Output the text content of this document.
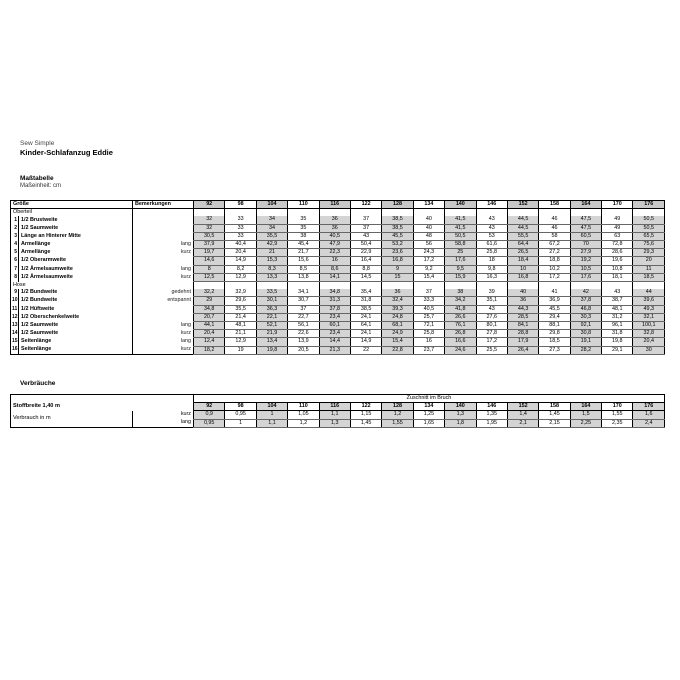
Sew Simple
Kinder-Schlafanzug Eddie
Maßtabelle
Maßeinheit: cm
Größe		Bemerkungen	92	98	104	110	116	122	128	134	140	146	152	158	164	170	176
Oberteil																	
1	1/2 Brustweite		32	33	34	35	36	37	38,5	40	41,5	43	44,5	46	47,5	49	50,5
2	1/2 Saumweite		32	33	34	35	36	37	38,5	40	41,5	43	44,5	46	47,5	49	50,5
3	Länge an Hinterer Mitte		30,5	33	35,5	38	40,5	43	45,5	48	50,5	53	55,5	58	60,5	63	65,5
4	Ärmellänge	lang	37,9	40,4	42,9	45,4	47,9	50,4	53,2	56	58,8	61,6	64,4	67,2	70	72,8	75,6
5	Ärmellänge	kurz	19,7	20,4	21	21,7	22,3	22,9	23,6	24,3	25	25,8	26,5	27,2	27,9	28,6	29,3
6	1/2 Oberarmweite		14,6	14,9	15,3	15,6	16	16,4	16,8	17,2	17,6	18	18,4	18,8	19,2	19,6	20
7	1/2 Ärmelsaumweite	lang	8	8,2	8,3	8,5	8,6	8,8	9	9,2	9,5	9,8	10	10,2	10,5	10,8	11
8	1/2 Ärmelsaumweite	kurz	12,5	12,9	13,3	13,8	14,1	14,5	15	15,4	15,9	16,3	16,8	17,2	17,6	18,1	18,5
Hose																	
9	1/2 Bundweite	gedehnt	32,2	32,9	33,5	34,1	34,8	35,4	36	37	38	39	40	41	42	43	44
10	1/2 Bundweite	entspannt	29	29,6	30,1	30,7	31,3	31,8	32,4	33,3	34,2	35,1	36	36,9	37,8	38,7	39,6
11	1/2 Hüftweite		34,8	35,5	36,3	37	37,8	38,5	39,3	40,5	41,8	43	44,3	45,5	46,8	48,1	49,3
12	1/2 Oberschenkelweite		20,7	21,4	22,1	22,7	23,4	24,1	24,8	25,7	26,6	27,6	28,5	29,4	30,3	31,2	32,1
13	1/2 Saumweite	lang	44,1	48,1	52,1	56,1	60,1	64,1	68,1	72,1	76,1	80,1	84,1	88,1	92,1	96,1	100,1
14	1/2 Saumweite	kurz	20,4	21,1	21,9	22,6	23,4	24,1	24,9	25,8	26,8	27,8	28,8	29,8	30,8	31,8	32,8
15	Seitenlänge	lang	12,4	12,9	13,4	13,9	14,4	14,9	15,4	16	16,6	17,2	17,9	18,5	19,1	19,8	20,4
16	Seitenlänge	kurz	18,2	19	19,8	20,5	21,3	22	22,8	23,7	24,6	25,5	26,4	27,3	28,2	29,1	30
Verbräuche
		Zuschnitt im Bruch														
Stoffbreite 1,40 m		92	98	104	110	116	122	128	134	140	146	152	158	164	170	176
Verbrauch in m	kurz	0,9	0,95	1	1,05	1,1	1,15	1,2	1,25	1,3	1,35	1,4	1,45	1,5	1,55	1,6
	lang	0,95	1	1,1	1,2	1,3	1,45	1,55	1,65	1,8	1,95	2,1	2,15	2,25	2,35	2,4
